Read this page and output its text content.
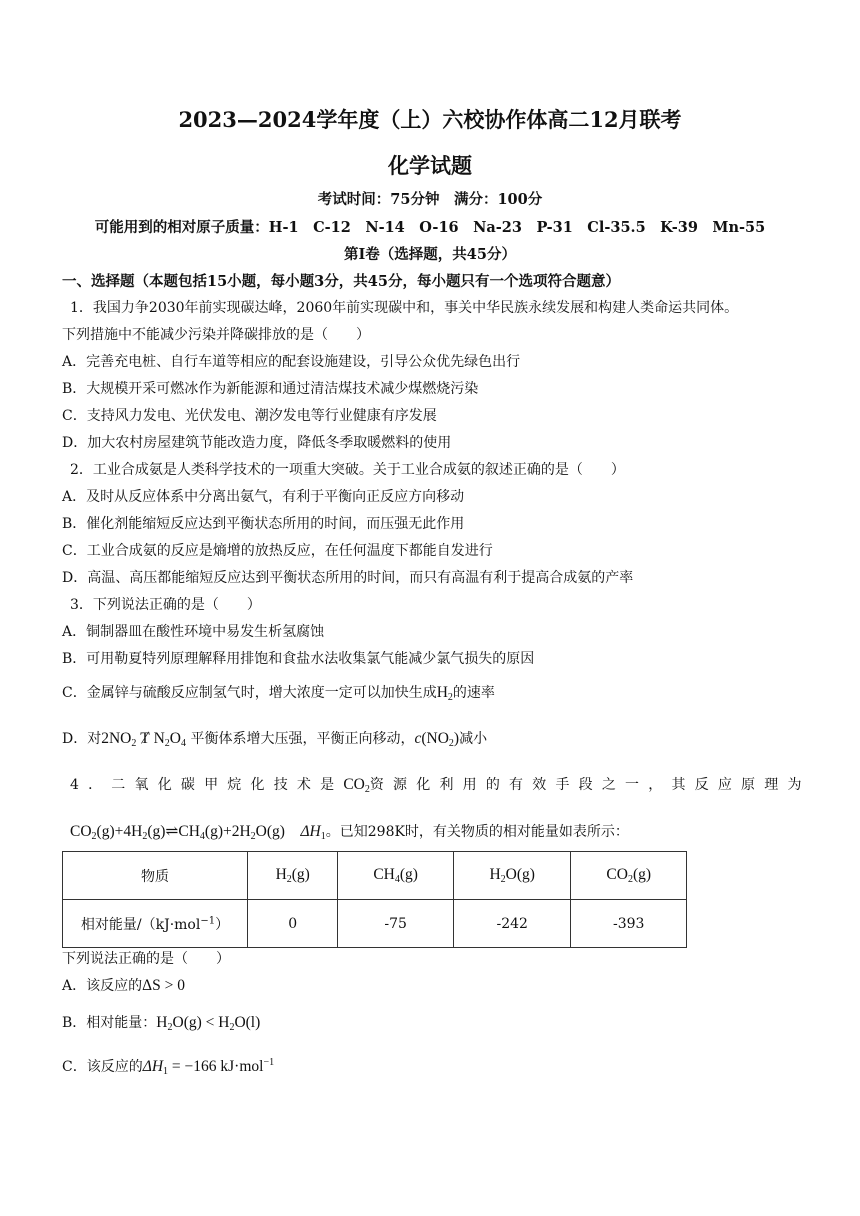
2023—2024学年度（上）六校协作体高二12月联考
化学试题
考试时间：75分钟　满分：100分
可能用到的相对原子质量：H-1　C-12　N-14　O-16　Na-23　P-31　Cl-35.5　K-39　Mn-55
第Ⅰ卷（选择题，共45分）
一、选择题（本题包括15小题，每小题3分，共45分，每小题只有一个选项符合题意）
1．我国力争2030年前实现碳达峰，2060年前实现碳中和，事关中华民族永续发展和构建人类命运共同体。
下列措施中不能减少污染并降碳排放的是（　　）
A．完善充电桩、自行车道等相应的配套设施建设，引导公众优先绿色出行
B．大规模开采可燃冰作为新能源和通过清洁煤技术减少煤燃烧污染
C．支持风力发电、光伏发电、潮汐发电等行业健康有序发展
D．加大农村房屋建筑节能改造力度，降低冬季取暖燃料的使用
2．工业合成氨是人类科学技术的一项重大突破。关于工业合成氨的叙述正确的是（　　）
A．及时从反应体系中分离出氨气，有利于平衡向正反应方向移动
B．催化剂能缩短反应达到平衡状态所用的时间，而压强无此作用
C．工业合成氨的反应是熵增的放热反应，在任何温度下都能自发进行
D．高温、高压都能缩短反应达到平衡状态所用的时间，而只有高温有利于提高合成氨的产率
3．下列说法正确的是（　　）
A．铜制器皿在酸性环境中易发生析氢腐蚀
B．可用勒夏特列原理解释用排饱和食盐水法收集氯气能减少氯气损失的原因
C．金属锌与硫酸反应制氢气时，增大浓度一定可以加快生成$H_2$的速率
D．对$2NO_2$ Ⱦ $N_2O_4$ 平衡体系增大压强，平衡正向移动，$c(NO_2)$减小
4．二氧化碳甲烷化技术是$CO_2$资源化利用的有效手段之一，其反应原理为
$CO_2(g)+4H_2(g)\rightleftharpoons CH_4(g)+2H_2O(g)$ $\Delta H_1$。已知298K时，有关物质的相对能量如表所示：
物质	$H_2(g)$	$CH_4(g)$	$H_2O(g)$	$CO_2(g)$
相对能量/（kJ·mol$^{-1}$）	0	-75	-242	-393
下列说法正确的是（　　）
A．该反应的ΔS > 0
B．相对能量：$H_2O(g) < H_2O(l)$
C．该反应的$\Delta H_1 = -166$ kJ·mol$^{-1}$
